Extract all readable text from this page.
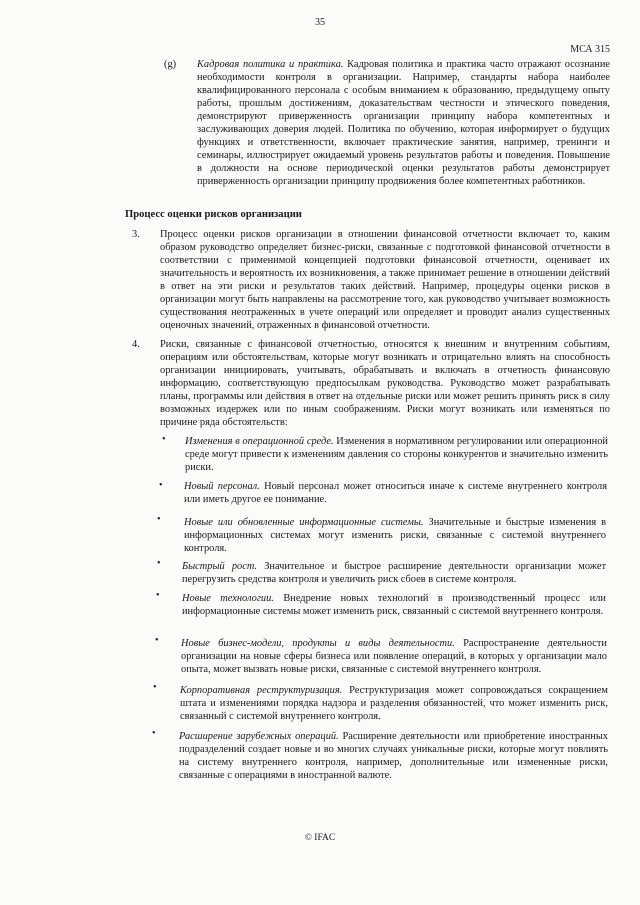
35
МСА 315
(g) Кадровая политика и практика. Кадровая политика и практика часто отражают осознание необходимости контроля в организации. Например, стандарты набора наиболее квалифицированного персонала с особым вниманием к образованию, предыдущему опыту работы, прошлым достижениям, доказательствам честности и этического поведения, демонстрируют приверженность организации принципу набора компетентных и заслуживающих доверия людей. Политика по обучению, которая информирует о будущих функциях и ответственности, включает практические занятия, например, тренинги и семинары, иллюстрирует ожидаемый уровень результатов работы и поведения. Повышение в должности на основе периодической оценки результатов работы демонстрирует приверженность организации принципу продвижения более компетентных работников.
Процесс оценки рисков организации
3. Процесс оценки рисков организации в отношении финансовой отчетности включает то, каким образом руководство определяет бизнес-риски, связанные с подготовкой финансовой отчетности в соответствии с применимой концепцией подготовки финансовой отчетности, оценивает их значительность и вероятность их возникновения, а также принимает решение в отношении действий в ответ на эти риски и результатов таких действий. Например, процедуры оценки рисков в организации могут быть направлены на рассмотрение того, как руководство учитывает возможность существования неотраженных в учете операций или определяет и проводит анализ существенных оценочных значений, отраженных в финансовой отчетности.
4. Риски, связанные с финансовой отчетностью, относятся к внешним и внутренним событиям, операциям или обстоятельствам, которые могут возникать и отрицательно влиять на способность организации инициировать, учитывать, обрабатывать и включать в отчетность финансовую информацию, соответствующую предпосылкам руководства. Руководство может разрабатывать планы, программы или действия в ответ на отдельные риски или может решить принять риск в силу возможных издержек или по иным соображениям. Риски могут возникать или изменяться по причине ряда обстоятельств:
• Изменения в операционной среде. Изменения в нормативном регулировании или операционной среде могут привести к изменениям давления со стороны конкурентов и значительно изменить риски.
• Новый персонал. Новый персонал может относиться иначе к системе внутреннего контроля или иметь другое ее понимание.
• Новые или обновленные информационные системы. Значительные и быстрые изменения в информационных системах могут изменить риски, связанные с системой внутреннего контроля.
• Быстрый рост. Значительное и быстрое расширение деятельности организации может перегрузить средства контроля и увеличить риск сбоев в системе контроля.
• Новые технологии. Внедрение новых технологий в производственный процесс или информационные системы может изменить риск, связанный с системой внутреннего контроля.
• Новые бизнес-модели, продукты и виды деятельности. Распространение деятельности организации на новые сферы бизнеса или появление операций, в которых у организации мало опыта, может вызвать новые риски, связанные с системой внутреннего контроля.
• Корпоративная реструктуризация. Реструктуризация может сопровождаться сокращением штата и изменениями порядка надзора и разделения обязанностей, что может изменить риск, связанный с системой внутреннего контроля.
• Расширение зарубежных операций. Расширение деятельности или приобретение иностранных подразделений создает новые и во многих случаях уникальные риски, которые могут повлиять на систему внутреннего контроля, например, дополнительные или измененные риски, связанные с операциями в иностранной валюте.
© IFAC
